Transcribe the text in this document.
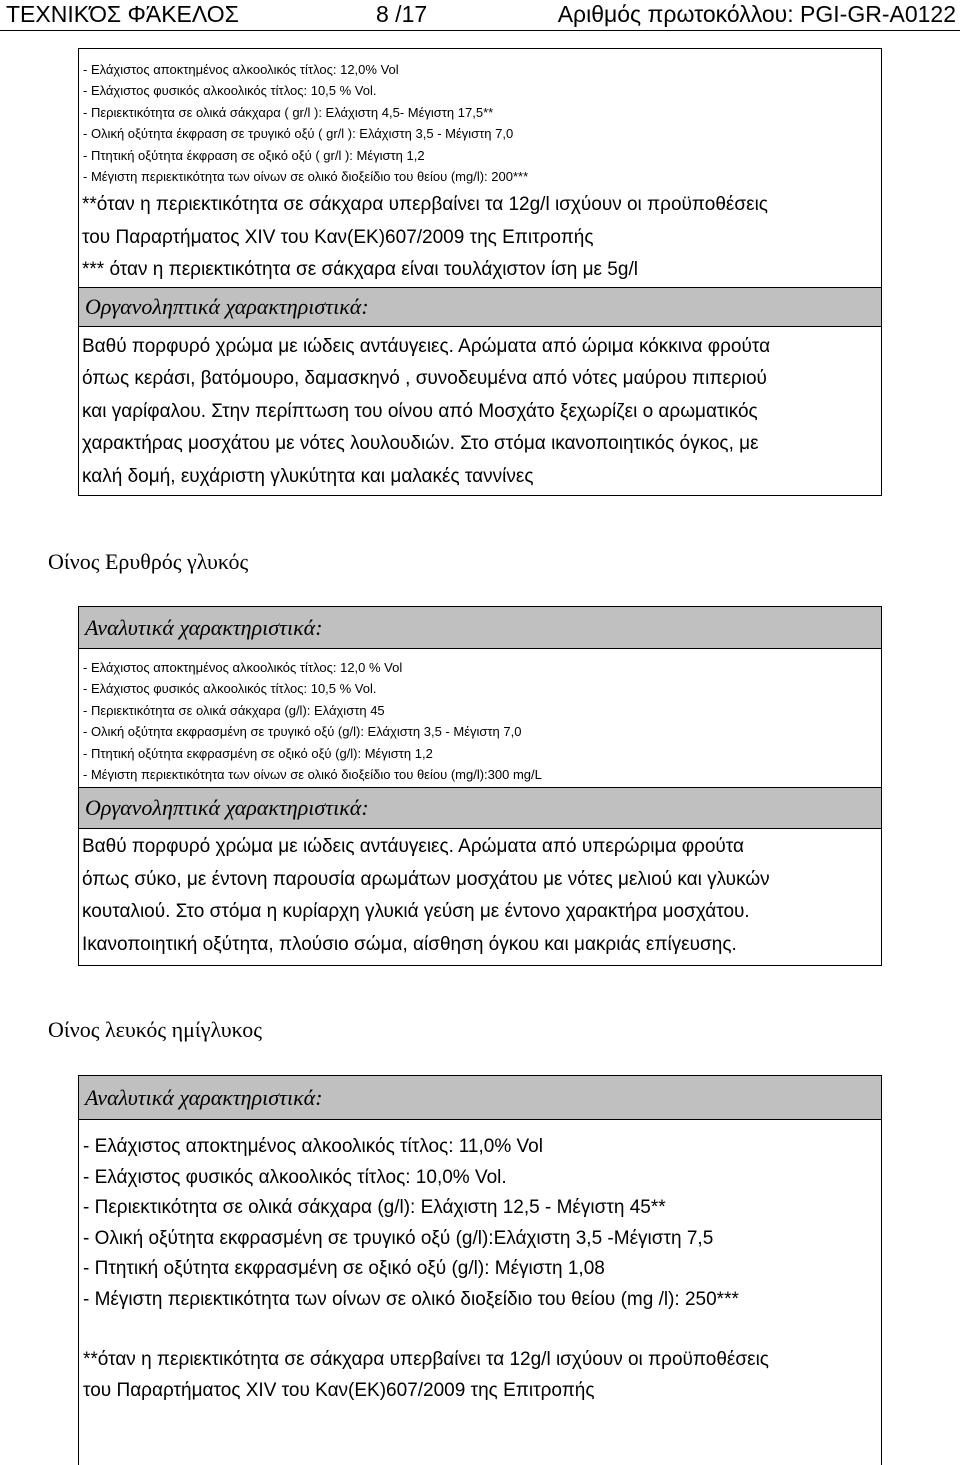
ΤΕΧΝΙΚΌΣ ΦΆΚΕΛΟΣ	8 /17	Αριθμός πρωτοκόλλου: PGI-GR-A0122

- Ελάχιστος αποκτημένος αλκοολικός τίτλος: 12,0% Vol

- Ελάχιστος φυσικός αλκοολικός τίτλος: 10,5 % Vol.

- Περιεκτικότητα σε ολικά σάκχαρα ( gr/l ): Ελάχιστη 4,5- Μέγιστη 17,5**

- Ολική οξύτητα έκφραση σε τρυγικό οξύ ( gr/l ): Ελάχιστη 3,5 - Μέγιστη 7,0

- Πτητική οξύτητα έκφραση σε οξικό οξύ ( gr/l ): Μέγιστη 1,2

- Μέγιστη περιεκτικότητα των οίνων σε ολικό διοξείδιο του θείου (mg/l): 200***

**όταν η περιεκτικότητα σε σάκχαρα υπερβαίνει τα 12g/l ισχύουν οι προϋποθέσεις

του Παραρτήματος XIV του Καν(ΕΚ)607/2009 της Επιτροπής

*** όταν η περιεκτικότητα σε σάκχαρα είναι τουλάχιστον ίση με 5g/l

Οργανοληπτικά χαρακτηριστικά:

Βαθύ πορφυρό χρώμα με ιώδεις αντάυγειες. Αρώματα από ώριμα κόκκινα φρούτα

όπως κεράσι, βατόμουρο, δαμασκηνό , συνοδευμένα από νότες μαύρου πιπεριού

και γαρίφαλου. Στην περίπτωση του οίνου από Μοσχάτο ξεχωρίζει ο αρωματικός

χαρακτήρας μοσχάτου με νότες λουλουδιών. Στο στόμα ικανοποιητικός όγκος, με

καλή δομή, ευχάριστη γλυκύτητα και μαλακές ταννίνες

Οίνος Ερυθρός γλυκός
Αναλυτικά χαρακτηριστικά:

- Ελάχιστος αποκτημένος αλκοολικός τίτλος: 12,0 % Vol

- Ελάχιστος φυσικός αλκοολικός τίτλος: 10,5 % Vol.

- Περιεκτικότητα σε ολικά σάκχαρα (g/l): Ελάχιστη 45

- Ολική οξύτητα εκφρασμένη σε τρυγικό οξύ (g/l): Ελάχιστη 3,5 - Μέγιστη 7,0

- Πτητική οξύτητα εκφρασμένη σε οξικό οξύ (g/l): Μέγιστη 1,2

- Μέγιστη περιεκτικότητα των οίνων σε ολικό διοξείδιο του θείου (mg/l):300 mg/L

Οργανοληπτικά χαρακτηριστικά:

Βαθύ πορφυρό χρώμα με ιώδεις αντάυγειες. Αρώματα από υπερώριμα φρούτα

όπως σύκο, με έντονη παρουσία αρωμάτων μοσχάτου με νότες μελιού και γλυκών

κουταλιού. Στο στόμα η κυρίαρχη γλυκιά γεύση με έντονο χαρακτήρα μοσχάτου.

Ικανοποιητική οξύτητα, πλούσιο σώμα, αίσθηση όγκου και μακριάς επίγευσης.

Οίνος λευκός ημίγλυκος
Αναλυτικά χαρακτηριστικά:

- Ελάχιστος αποκτημένος αλκοολικός τίτλος: 11,0% Vol

- Ελάχιστος φυσικός αλκοολικός τίτλος: 10,0% Vol.

- Περιεκτικότητα σε ολικά σάκχαρα (g/l): Ελάχιστη 12,5 - Μέγιστη 45**

- Ολική οξύτητα εκφρασμένη σε τρυγικό οξύ (g/l):Ελάχιστη 3,5 -Μέγιστη 7,5

- Πτητική οξύτητα εκφρασμένη σε οξικό οξύ (g/l): Μέγιστη 1,08

- Μέγιστη περιεκτικότητα των οίνων σε ολικό διοξείδιο του θείου (mg /l): 250***

**όταν η περιεκτικότητα σε σάκχαρα υπερβαίνει τα 12g/l ισχύουν οι προϋποθέσεις

του Παραρτήματος XIV του Καν(ΕΚ)607/2009 της Επιτροπής
